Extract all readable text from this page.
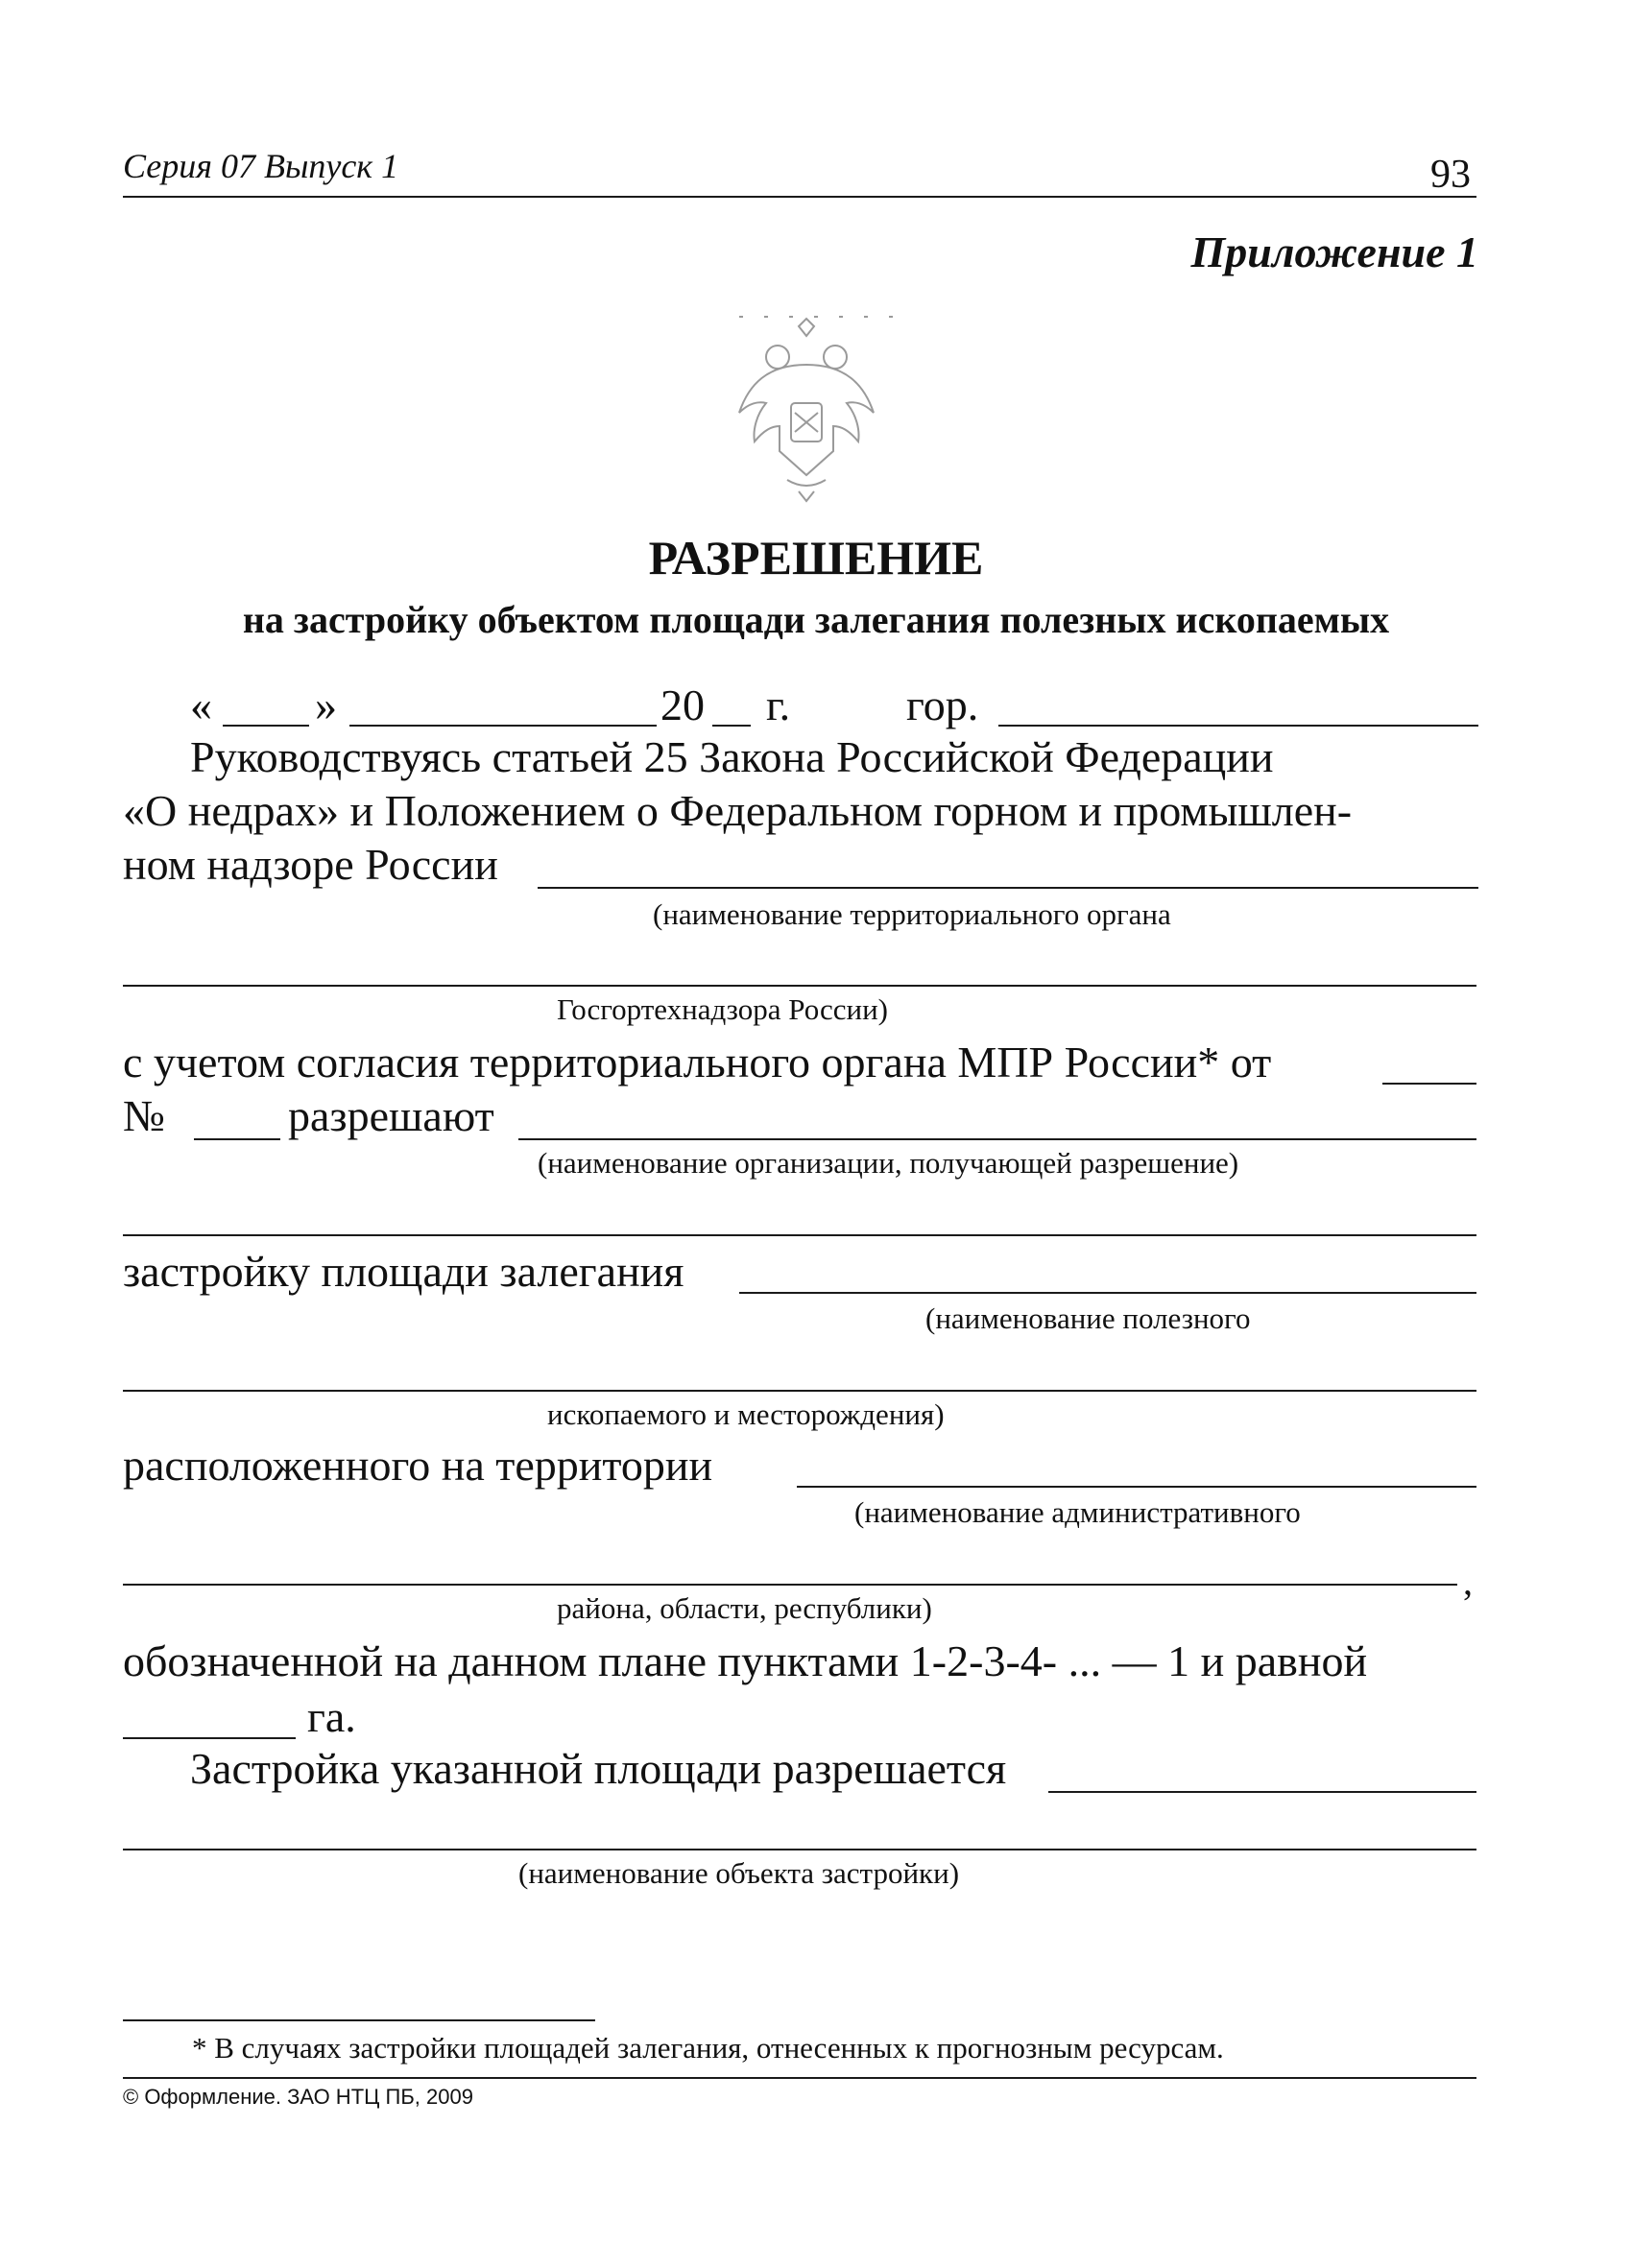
Серия 07 Выпуск 1	93
Приложение 1
РАЗРЕШЕНИЕ
на застройку объектом площади залегания полезных ископаемых
« »	20 г.	гор.
Руководствуясь статьей 25 Закона Российской Федерации
«О недрах» и Положением о Федеральном горном и промышлен-
ном надзоре России
(наименование территориального органа
Госгортехнадзора России)
с учетом согласия территориального органа МПР России* от
№	разрешают
(наименование организации, получающей разрешение)
застройку площади залегания
(наименование полезного
ископаемого и месторождения)
расположенного на территории
(наименование административного
,
района, области, республики)
обозначенной на данном плане пунктами 1-2-3-4- ... — 1 и равной
га.
Застройка указанной площади разрешается
(наименование объекта застройки)
* В случаях застройки площадей залегания, отнесенных к прогнозным ресурсам.
© Оформление. ЗАО НТЦ ПБ, 2009
